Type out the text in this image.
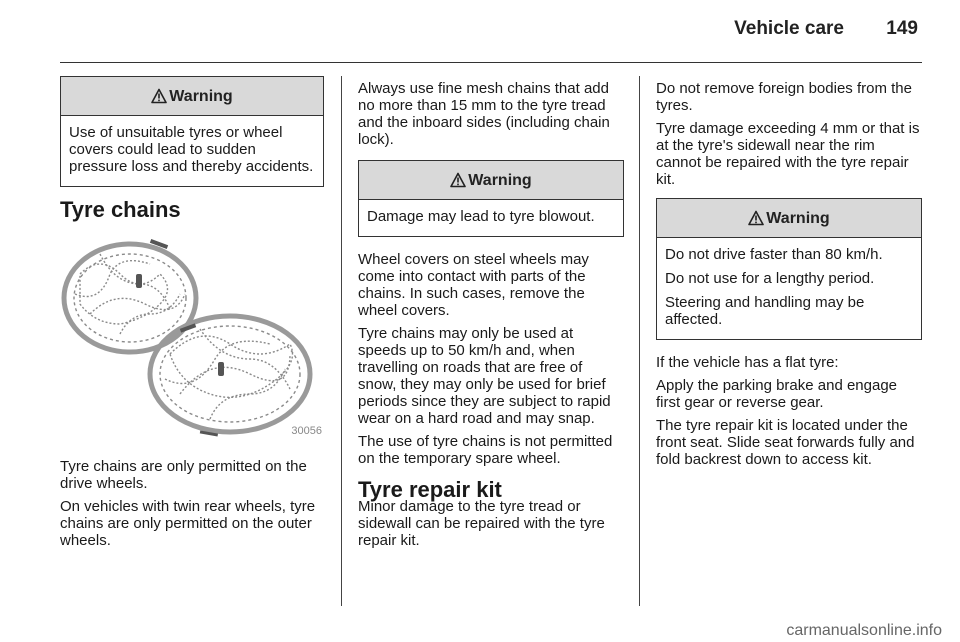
Vehicle care 149
Warning

Use of unsuitable tyres or wheel covers could lead to sudden pressure loss and thereby accidents.

Tyre chains
30056

Tyre chains are only permitted on the drive wheels.

On vehicles with twin rear wheels, tyre chains are only permitted on the outer wheels.

Always use fine mesh chains that add no more than 15 mm to the tyre tread and the inboard sides (including chain lock).

Warning

Damage may lead to tyre blowout.

Wheel covers on steel wheels may come into contact with parts of the chains. In such cases, remove the wheel covers.

Tyre chains may only be used at speeds up to 50 km/h and, when travelling on roads that are free of snow, they may only be used for brief periods since they are subject to rapid wear on a hard road and may snap.

The use of tyre chains is not permitted on the temporary spare wheel.

Tyre repair kit

Minor damage to the tyre tread or sidewall can be repaired with the tyre repair kit.

Do not remove foreign bodies from the tyres.

Tyre damage exceeding 4 mm or that is at the tyre's sidewall near the rim cannot be repaired with the tyre repair kit.

Warning

Do not drive faster than 80 km/h.

Do not use for a lengthy period.

Steering and handling may be affected.

If the vehicle has a flat tyre:

Apply the parking brake and engage first gear or reverse gear.

The tyre repair kit is located under the front seat. Slide seat forwards fully and fold backrest down to access kit.

carmanualsonline.info
